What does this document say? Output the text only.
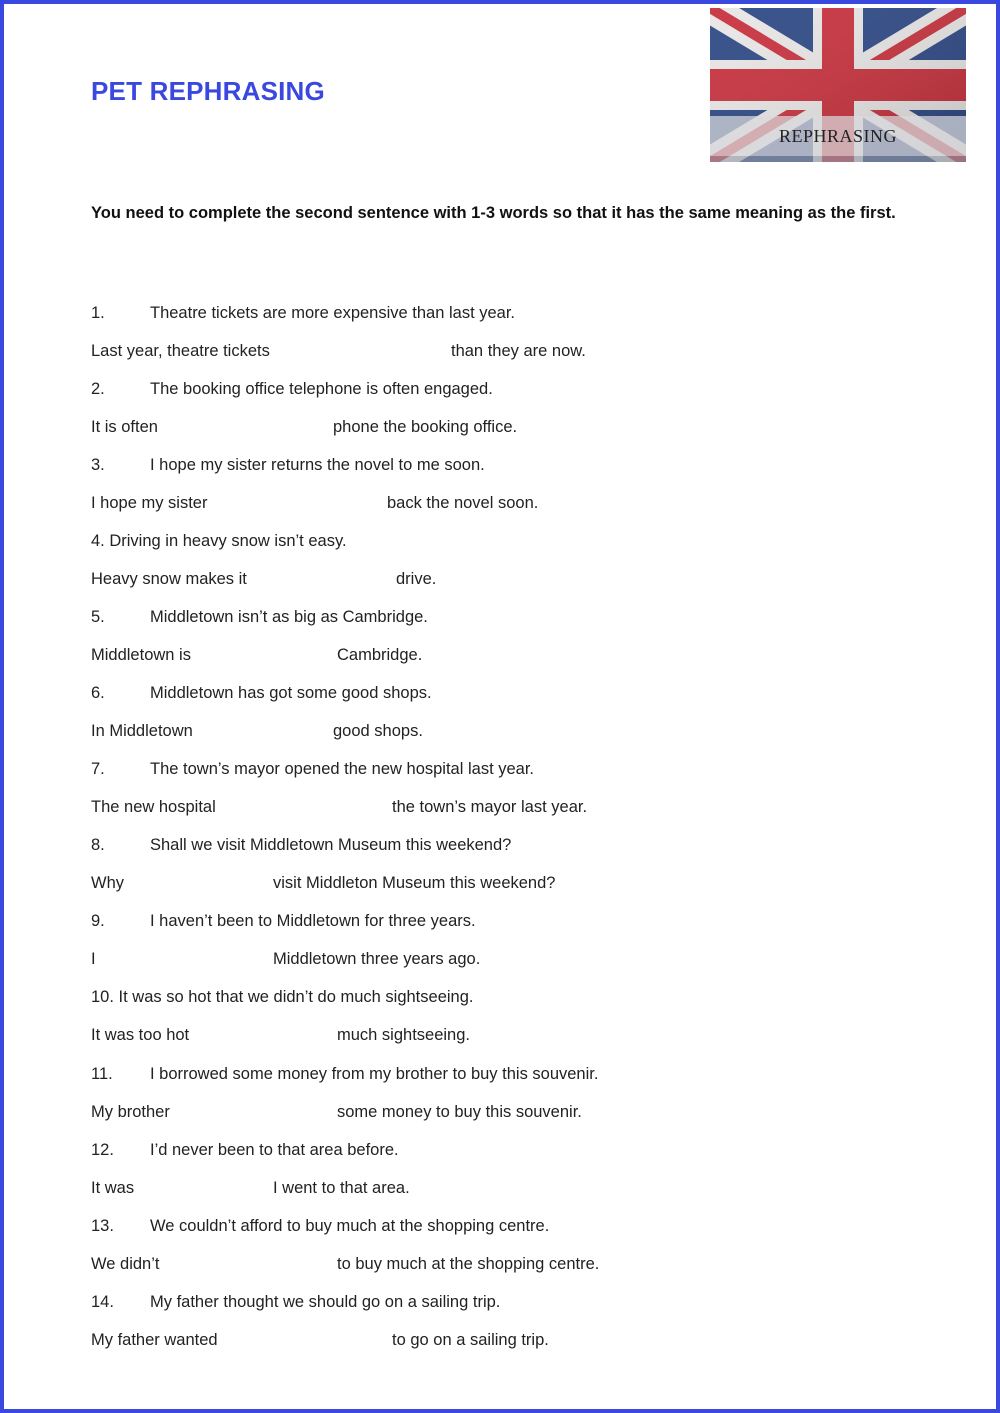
PET REPHRASING
REPHRASING

You need to complete the second sentence with 1-3 words so that it has the same meaning as the first.

1.	Theatre tickets are more expensive than last year.
Last year, theatre tickets	than they are now.
2.	The booking office telephone is often engaged.
It is often	phone the booking office.
3.	I hope my sister returns the novel to me soon.
I hope my sister	back the novel soon.
4. Driving in heavy snow isn’t easy.
Heavy snow makes it	drive.
5.	Middletown isn’t as big as Cambridge.
Middletown is	Cambridge.
6.	Middletown has got some good shops.
In Middletown	good shops.
7.	The town’s mayor opened the new hospital last year.
The new hospital	the town’s mayor last year.
8.	Shall we visit Middletown Museum this weekend?
Why	visit Middleton Museum this weekend?
9.	I haven’t been to Middletown for three years.
I	Middletown three years ago.
10. It was so hot that we didn’t do much sightseeing.
It was too hot	much sightseeing.
11. I borrowed some money from my brother to buy this souvenir.
My brother	some money to buy this souvenir.
12. I’d never been to that area before.
It was	I went to that area.
13. We couldn’t afford to buy much at the shopping centre.
We didn’t	to buy much at the shopping centre.
14. My father thought we should go on a sailing trip.
My father wanted	to go on a sailing trip.
